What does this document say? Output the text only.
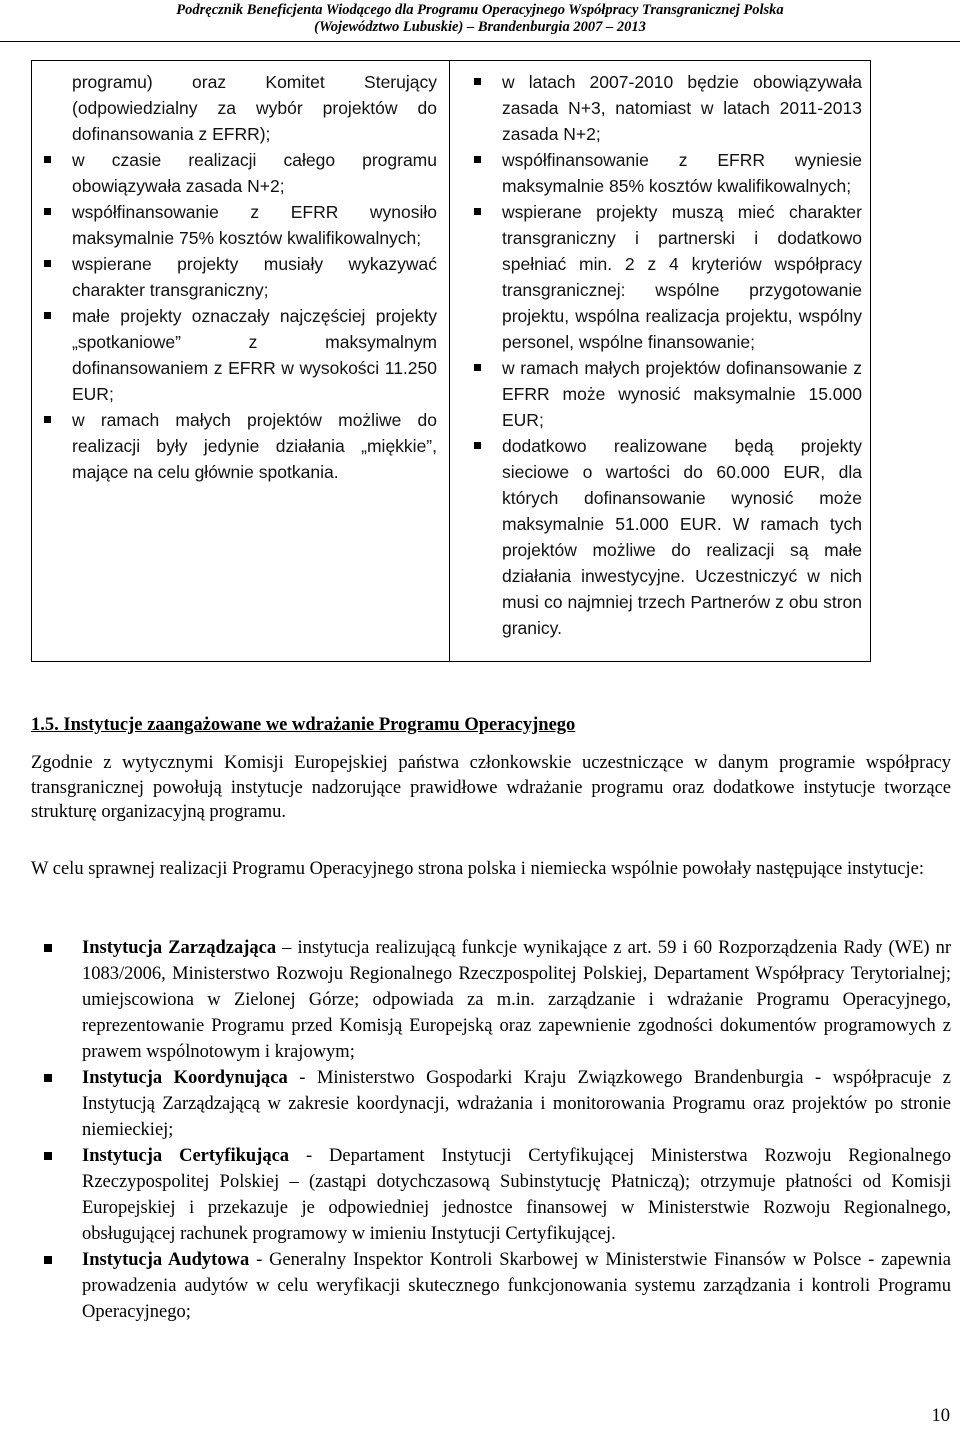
Podręcznik Beneficjenta Wiodącego dla Programu Operacyjnego Współpracy Transgranicznej Polska
(Województwo Lubuskie) – Brandenburgia 2007 – 2013
programu) oraz Komitet Sterujący (odpowiedzialny za wybór projektów do dofinansowania z EFRR);
w czasie realizacji całego programu obowiązywała zasada N+2;
współfinansowanie z EFRR wynosiło maksymalnie 75% kosztów kwalifikowalnych;
wspierane projekty musiały wykazywać charakter transgraniczny;
małe projekty oznaczały najczęściej projekty „spotkaniowe” z maksymalnym dofinansowaniem z EFRR w wysokości 11.250 EUR;
w ramach małych projektów możliwe do realizacji były jedynie działania „miękkie”, mające na celu głównie spotkania.
w latach 2007-2010 będzie obowiązywała zasada N+3, natomiast w latach 2011-2013 zasada N+2;
współfinansowanie z EFRR wyniesie maksymalnie 85% kosztów kwalifikowalnych;
wspierane projekty muszą mieć charakter transgraniczny i partnerski i dodatkowo spełniać min. 2 z 4 kryteriów współpracy transgranicznej: wspólne przygotowanie projektu, wspólna realizacja projektu, wspólny personel, wspólne finansowanie;
w ramach małych projektów dofinansowanie z EFRR może wynosić maksymalnie 15.000 EUR;
dodatkowo realizowane będą projekty sieciowe o wartości do 60.000 EUR, dla których dofinansowanie wynosić może maksymalnie 51.000 EUR. W ramach tych projektów możliwe do realizacji są małe działania inwestycyjne. Uczestniczyć w nich musi co najmniej trzech Partnerów z obu stron granicy.
1.5. Instytucje zaangażowane we wdrażanie Programu Operacyjnego
Zgodnie z wytycznymi Komisji Europejskiej państwa członkowskie uczestniczące w danym programie współpracy transgranicznej powołują instytucje nadzorujące prawidłowe wdrażanie programu oraz dodatkowe instytucje tworzące strukturę organizacyjną programu.
W celu sprawnej realizacji Programu Operacyjnego strona polska i niemiecka wspólnie powołały następujące instytucje:
Instytucja Zarządzająca – instytucja realizującą funkcje wynikające z art. 59 i 60 Rozporządzenia Rady (WE) nr 1083/2006, Ministerstwo Rozwoju Regionalnego Rzeczpospolitej Polskiej, Departament Współpracy Terytorialnej; umiejscowiona w Zielonej Górze; odpowiada za m.in. zarządzanie i wdrażanie Programu Operacyjnego, reprezentowanie Programu przed Komisją Europejską oraz zapewnienie zgodności dokumentów programowych z prawem wspólnotowym i krajowym;
Instytucja Koordynująca - Ministerstwo Gospodarki Kraju Związkowego Brandenburgia - współpracuje z Instytucją Zarządzającą w zakresie koordynacji, wdrażania i monitorowania Programu oraz projektów po stronie niemieckiej;
Instytucja Certyfikująca - Departament Instytucji Certyfikującej Ministerstwa Rozwoju Regionalnego Rzeczypospolitej Polskiej – (zastąpi dotychczasową Subinstytucję Płatniczą); otrzymuje płatności od Komisji Europejskiej i przekazuje je odpowiedniej jednostce finansowej w Ministerstwie Rozwoju Regionalnego, obsługującej rachunek programowy w imieniu Instytucji Certyfikującej.
Instytucja Audytowa - Generalny Inspektor Kontroli Skarbowej w Ministerstwie Finansów w Polsce - zapewnia prowadzenia audytów w celu weryfikacji skutecznego funkcjonowania systemu zarządzania i kontroli Programu Operacyjnego;
10
